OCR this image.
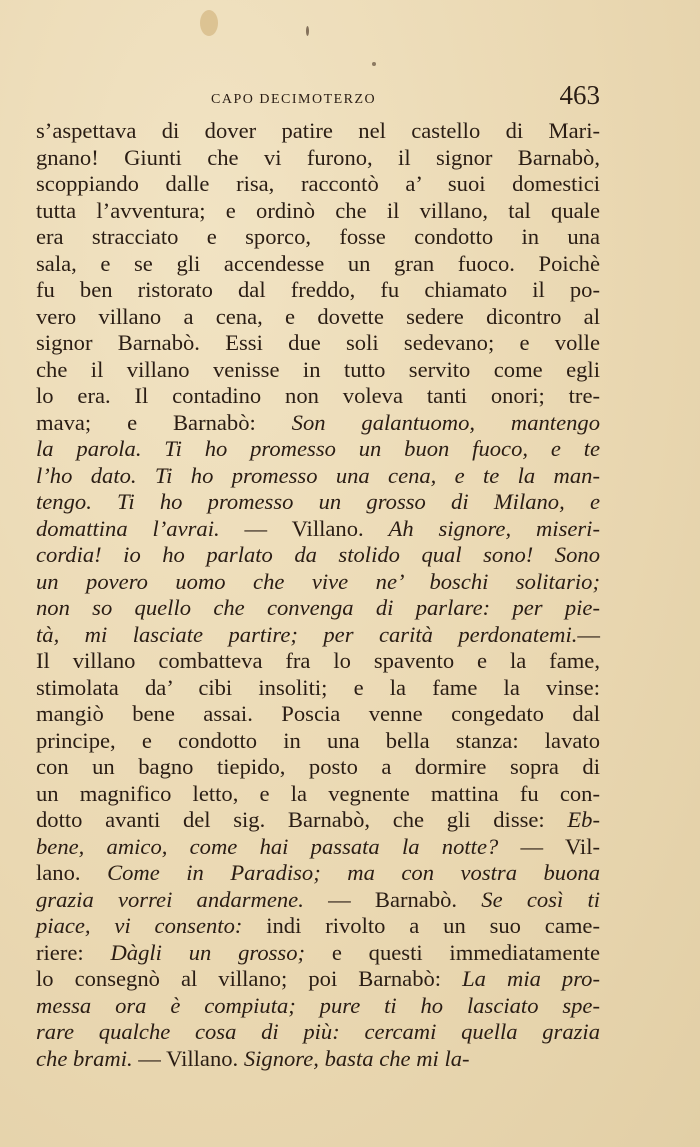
CAPO DECIMOTERZO	463
s’aspettava di dover patire nel castello di Mari-
gnano! Giunti che vi furono, il signor Barnabò,
scoppiando dalle risa, raccontò a’ suoi domestici
tutta l’avventura; e ordinò che il villano, tal quale
era stracciato e sporco, fosse condotto in una
sala, e se gli accendesse un gran fuoco. Poichè
fu ben ristorato dal freddo, fu chiamato il po-
vero villano a cena, e dovette sedere dicontro al
signor Barnabò. Essi due soli sedevano; e volle
che il villano venisse in tutto servito come egli
lo era. Il contadino non voleva tanti onori; tre-
mava; e Barnabò: Son galantuomo, mantengo
la parola. Ti ho promesso un buon fuoco, e te
l’ho dato. Ti ho promesso una cena, e te la man-
tengo. Ti ho promesso un grosso di Milano, e
domattina l’avrai. — Villano. Ah signore, miseri-
cordia! io ho parlato da stolido qual sono! Sono
un povero uomo che vive ne’ boschi solitario;
non so quello che convenga di parlare: per pie-
tà, mi lasciate partire; per carità perdonatemi.—
Il villano combatteva fra lo spavento e la fame,
stimolata da’ cibi insoliti; e la fame la vinse:
mangiò bene assai. Poscia venne congedato dal
principe, e condotto in una bella stanza: lavato
con un bagno tiepido, posto a dormire sopra di
un magnifico letto, e la vegnente mattina fu con-
dotto avanti del sig. Barnabò, che gli disse: Eb-
bene, amico, come hai passata la notte? — Vil-
lano. Come in Paradiso; ma con vostra buona
grazia vorrei andarmene. — Barnabò. Se così ti
piace, vi consento: indi rivolto a un suo came-
riere: Dàgli un grosso; e questi immediatamente
lo consegnò al villano; poi Barnabò: La mia pro-
messa ora è compiuta; pure ti ho lasciato spe-
rare qualche cosa di più: cercami quella grazia
che brami. — Villano. Signore, basta che mi la-
